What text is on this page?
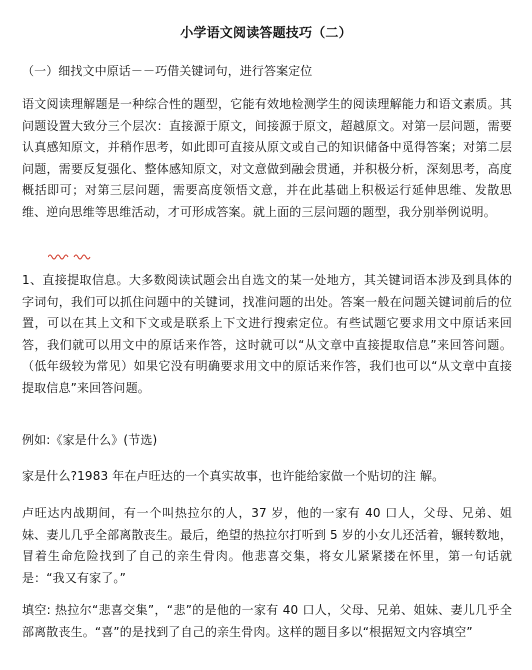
小学语文阅读答题技巧（二）
（一）细找文中原话－－巧借关键词句，进行答案定位

语文阅读理解题是一种综合性的题型，它能有效地检测学生的阅读理解能力和语文素质。其问题设置大致分三个层次：直接源于原文，间接源于原文，超越原文。对第一层问题，需要认真感知原文，并稍作思考，如此即可直接从原文或自己的知识储备中觅得答案；对第二层问题，需要反复强化、整体感知原文，对文意做到融会贯通，并积极分析，深刻思考，高度概括即可；对第三层问题，需要高度领悟文意，并在此基础上积极运行延伸思维、发散思维、逆向思维等思维活动，才可形成答案。就上面的三层问题的题型，我分别举例说明。

1、直接提取信息。大多数阅读试题会出自选文的某一处地方，其关键词语本涉及到具体的字词句，我们可以抓住问题中的关键词，找准问题的出处。答案一般在问题关键词前后的位置，可以在其上文和下文或是联系上下文进行搜索定位。有些试题它要求用文中原话来回答，我们就可以用文中的原话来作答，这时就可以“从文章中直接提取信息”来回答问题。（低年级较为常见）如果它没有明确要求用文中的原话来作答，我们也可以“从文章中直接提取信息”来回答问题。

例如:《家是什么》(节选)

家是什么?1983 年在卢旺达的一个真实故事，也许能给家做一个贴切的注 解。

卢旺达内战期间，有一个叫热拉尔的人，37 岁，他的一家有 40 口人，父母、兄弟、姐妹、妻儿几乎全部离散丧生。最后，绝望的热拉尔打听到 5 岁的小女儿还活着，辗转数地，冒着生命危险找到了自己的亲生骨肉。他悲喜交集，将女儿紧紧搂在怀里，第一句话就是：“我又有家了。”

填空: 热拉尔“悲喜交集”，“悲”的是他的一家有 40 口人，父母、兄弟、姐妹、妻儿几乎全部离散丧生。“喜”的是找到了自己的亲生骨肉。这样的题目多以“根据短文内容填空”
